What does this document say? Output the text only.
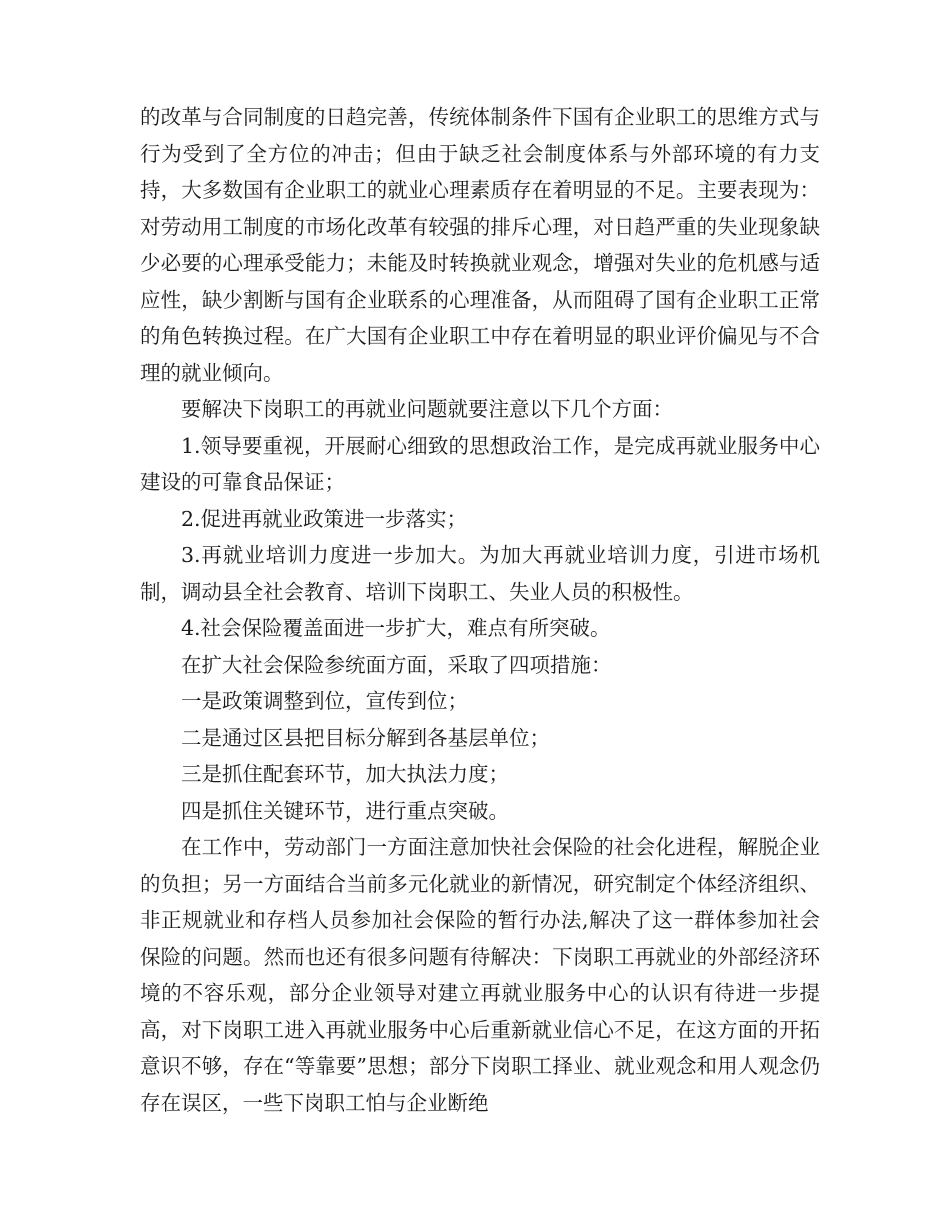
的改革与合同制度的日趋完善，传统体制条件下国有企业职工的思维方式与行为受到了全方位的冲击；但由于缺乏社会制度体系与外部环境的有力支持，大多数国有企业职工的就业心理素质存在着明显的不足。主要表现为：对劳动用工制度的市场化改革有较强的排斥心理，对日趋严重的失业现象缺少必要的心理承受能力；未能及时转换就业观念，增强对失业的危机感与适应性，缺少割断与国有企业联系的心理准备，从而阻碍了国有企业职工正常的角色转换过程。在广大国有企业职工中存在着明显的职业评价偏见与不合理的就业倾向。

要解决下岗职工的再就业问题就要注意以下几个方面：

1.领导要重视，开展耐心细致的思想政治工作，是完成再就业服务中心建设的可靠食品保证；

2.促进再就业政策进一步落实；

3.再就业培训力度进一步加大。为加大再就业培训力度，引进市场机制，调动县全社会教育、培训下岗职工、失业人员的积极性。

4.社会保险覆盖面进一步扩大，难点有所突破。

在扩大社会保险参统面方面，采取了四项措施：

一是政策调整到位，宣传到位；

二是通过区县把目标分解到各基层单位；

三是抓住配套环节，加大执法力度；

四是抓住关键环节，进行重点突破。

在工作中，劳动部门一方面注意加快社会保险的社会化进程，解脱企业的负担；另一方面结合当前多元化就业的新情况，研究制定个体经济组织、非正规就业和存档人员参加社会保险的暂行办法,解决了这一群体参加社会保险的问题。然而也还有很多问题有待解决：下岗职工再就业的外部经济环境的不容乐观，部分企业领导对建立再就业服务中心的认识有待进一步提高，对下岗职工进入再就业服务中心后重新就业信心不足，在这方面的开拓意识不够，存在“等靠要”思想；部分下岗职工择业、就业观念和用人观念仍存在误区，一些下岗职工怕与企业断绝
